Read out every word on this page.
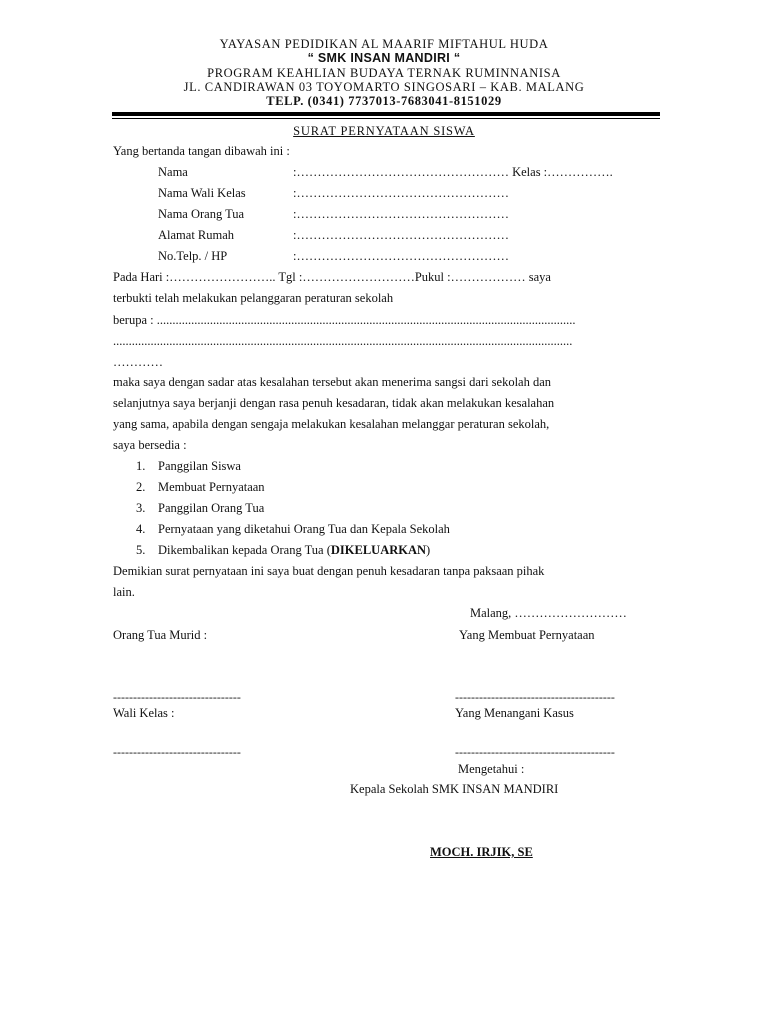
YAYASAN PEDIDIKAN AL MAARIF MIFTAHUL HUDA
“ SMK INSAN MANDIRI “
PROGRAM KEAHLIAN BUDAYA TERNAK RUMINNANISA
JL. CANDIRAWAN 03 TOYOMARTO SINGOSARI – KAB. MALANG
TELP. (0341) 7737013-7683041-8151029
SURAT PERNYATAAN SISWA
Yang bertanda tangan dibawah ini :
Nama	:…………………………………………… Kelas :…………….
Nama Wali Kelas	:……………………………………………
Nama Orang Tua	:……………………………………………
Alamat Rumah	:……………………………………………
No.Telp. / HP	:……………………………………………
Pada Hari :…………………….. Tgl :………………………Pukul :……………… saya
terbukti telah melakukan pelanggaran peraturan sekolah
berupa : ......................................................................................................................................
...................................................................................................................................................
…………
maka saya dengan sadar atas kesalahan tersebut akan menerima sangsi dari sekolah dan
selanjutnya saya berjanji dengan rasa penuh kesadaran, tidak akan melakukan kesalahan
yang sama, apabila dengan sengaja melakukan kesalahan melanggar peraturan sekolah,
saya bersedia :
1. Panggilan Siswa
2. Membuat Pernyataan
3. Panggilan Orang Tua
4. Pernyataan yang diketahui Orang Tua dan Kepala Sekolah
5. Dikembalikan kepada Orang Tua (DIKELUARKAN)
Demikian surat pernyataan ini saya buat dengan penuh kesadaran tanpa paksaan pihak
lain.
Malang, ………………………
Orang Tua Murid :	Yang Membuat Pernyataan
--------------------------------	----------------------------------------
Wali Kelas :	Yang Menangani Kasus
--------------------------------	----------------------------------------
Mengetahui :
Kepala Sekolah SMK INSAN MANDIRI
MOCH. IRJIK, SE
